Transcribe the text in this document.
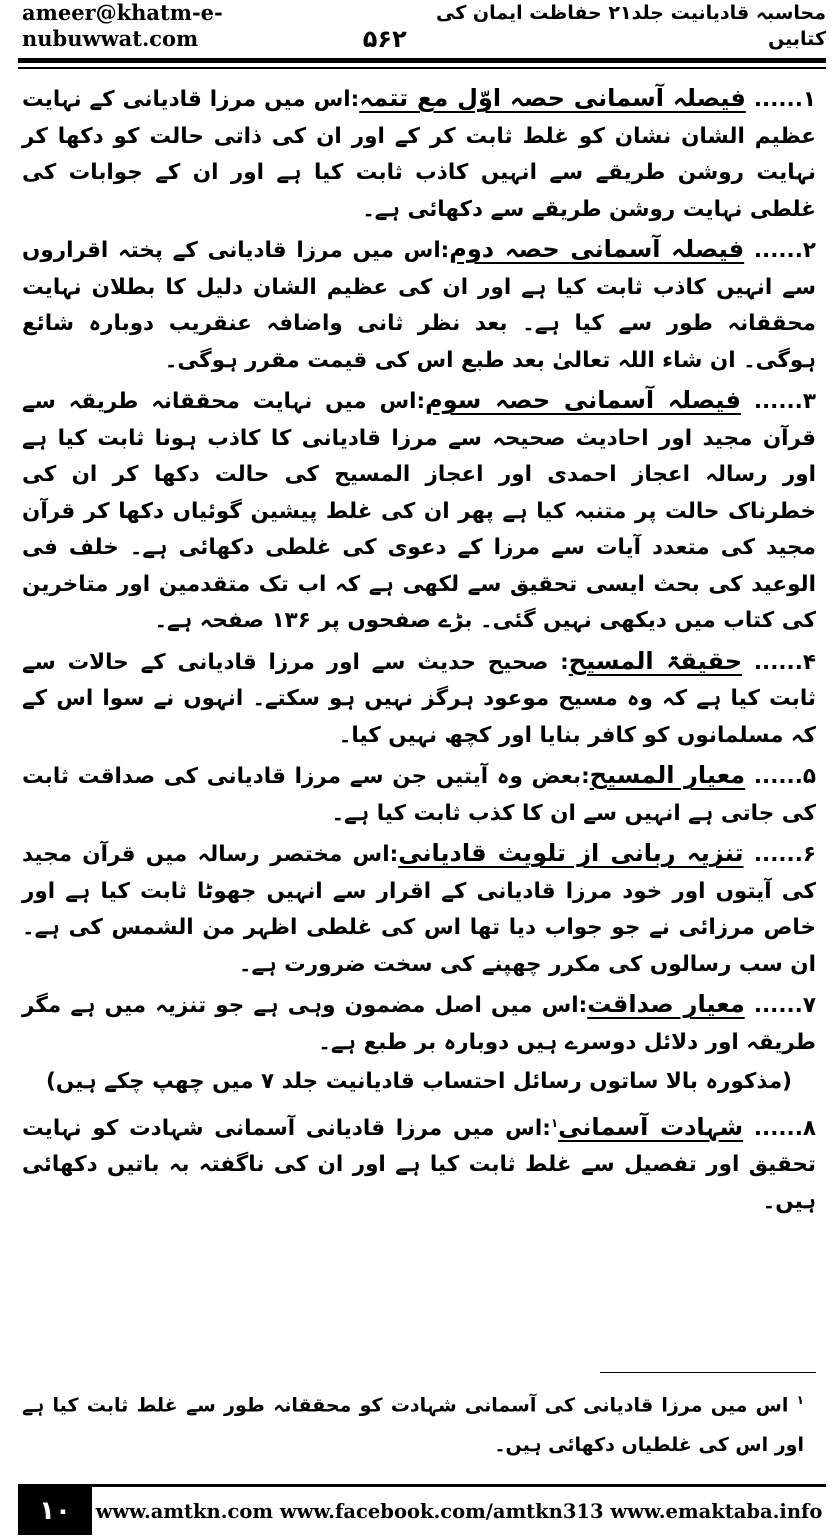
ameer@khatm-e-nubuwwat.com
محاسبہ قادیانیت جلد۲۱ حفاظت ایمان کی کتابیں
۵۶۲

۱...... فیصلہ آسمانی حصہ اوّل مع تتمہ:اس میں مرزا قادیانی کے نہایت عظیم الشان نشان کو غلط ثابت کر کے اور ان کی ذاتی حالت کو دکھا کر نہایت روشن طریقے سے انہیں کاذب ثابت کیا ہے اور ان کے جوابات کی غلطی نہایت روشن طریقے سے دکھائی ہے۔

۲...... فیصلہ آسمانی حصہ دوم:اس میں مرزا قادیانی کے پختہ اقراروں سے انہیں کاذب ثابت کیا ہے اور ان کی عظیم الشان دلیل کا بطلان نہایت محققانہ طور سے کیا ہے۔ بعد نظر ثانی واضافہ عنقریب دوبارہ شائع ہوگی۔ ان شاء اللہ تعالیٰ بعد طبع اس کی قیمت مقرر ہوگی۔

۳...... فیصلہ آسمانی حصہ سوم:اس میں نہایت محققانہ طریقہ سے قرآن مجید اور احادیث صحیحہ سے مرزا قادیانی کا کاذب ہونا ثابت کیا ہے اور رسالہ اعجاز احمدی اور اعجاز المسیح کی حالت دکھا کر ان کی خطرناک حالت پر متنبہ کیا ہے پھر ان کی غلط پیشین گوئیاں دکھا کر قرآن مجید کی متعدد آیات سے مرزا کے دعوی کی غلطی دکھائی ہے۔ خلف فی الوعید کی بحث ایسی تحقیق سے لکھی ہے کہ اب تک متقدمین اور متاخرین کی کتاب میں دیکھی نہیں گئی۔ بڑے صفحوں پر ۱۳۶ صفحہ ہے۔

۴...... حقیقۃ المسیح: صحیح حدیث سے اور مرزا قادیانی کے حالات سے ثابت کیا ہے کہ وہ مسیح موعود ہرگز نہیں ہو سکتے۔ انہوں نے سوا اس کے کہ مسلمانوں کو کافر بنایا اور کچھ نہیں کیا۔

۵...... معیار المسیح:بعض وہ آیتیں جن سے مرزا قادیانی کی صداقت ثابت کی جاتی ہے انہیں سے ان کا کذب ثابت کیا ہے۔

۶...... تنزیہ ربانی از تلویث قادیانی:اس مختصر رسالہ میں قرآن مجید کی آیتوں اور خود مرزا قادیانی کے اقرار سے انہیں جھوٹا ثابت کیا ہے اور خاص مرزائی نے جو جواب دیا تھا اس کی غلطی اظہر من الشمس کی ہے۔ ان سب رسالوں کی مکرر چھپنے کی سخت ضرورت ہے۔

۷...... معیار صداقت:اس میں اصل مضمون وہی ہے جو تنزیہ میں ہے مگر طریقہ اور دلائل دوسرے ہیں دوبارہ بر طبع ہے۔

(مذکورہ بالا ساتوں رسائل احتساب قادیانیت جلد ۷ میں چھپ چکے ہیں)

۸...... شہادت آسمانی$^۱$:اس میں مرزا قادیانی آسمانی شہادت کو نہایت تحقیق اور تفصیل سے غلط ثابت کیا ہے اور ان کی ناگفتہ بہ باتیں دکھائی ہیں۔

$^۱$ اس میں مرزا قادیانی کی آسمانی شہادت کو محققانہ طور سے غلط ثابت کیا ہے اور اس کی غلطیاں دکھائی ہیں۔
۱۰	www.amtkn.com www.facebook.com/amtkn313 www.emaktaba.info
